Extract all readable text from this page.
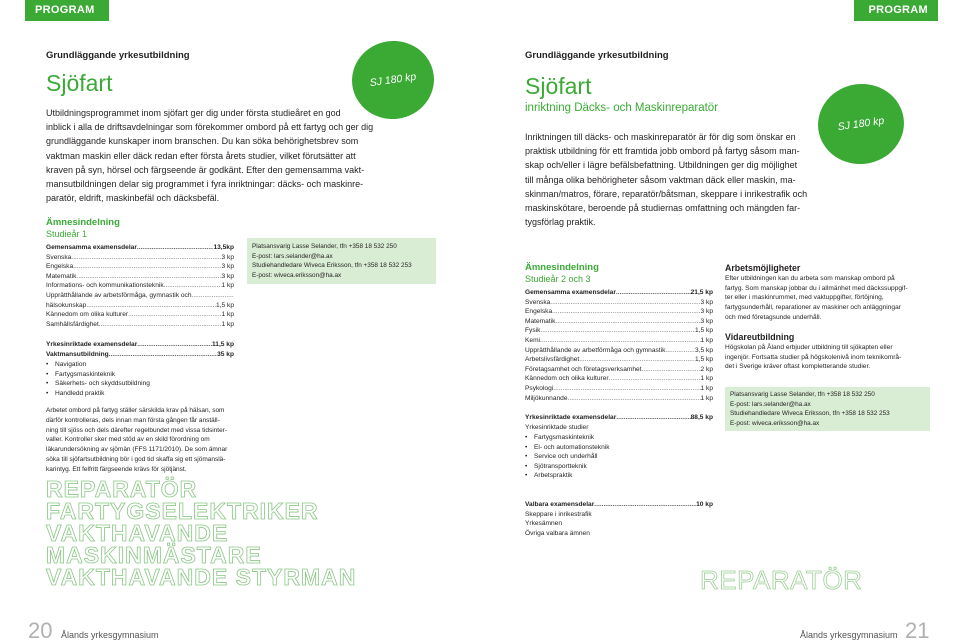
PROGRAM	PROGRAM
Grundläggande yrkesutbildning
Sjöfart	SJ 180 kp
Utbildningsprogrammet inom sjöfart ger dig under första studieåret en god
inblick i alla de driftsavdelningar som förekommer ombord på ett fartyg och ger dig
grundläggande kunskaper inom branschen. Du kan söka behörighetsbrev som
vaktman maskin eller däck redan efter första årets studier, vilket förutsätter att
kraven på syn, hörsel och färgseende är godkänt. Efter den gemensamma vakt-
mansutbildningen delar sig programmet i fyra inriktningar: däcks- och maskinre-
paratör, eldrift, maskinbefäl och däcksbefäl.
Ämnesindelning
Studieår 1
Gemensamma examensdelar .....	13,5kp
Svenska .....	3 kp
Engelska .....	3 kp
Matematik .....	3 kp
Informations- och kommunikationsteknik .....	1 kp
Upprätthållande av arbetsförmåga, gymnastik och
.....
hälsokunskap .....	1,5 kp
Kännedom om olika kulturer .....	1 kp
Samhällsfärdighet .....	1 kp
Yrkesinriktade examensdelar .....	11,5 kp
Vaktmansutbildning .....	35 kp
• Navigation
• Fartygsmaskinteknik
• Säkerhets- och skyddsutbildning
• Handledd praktik
Arbetet ombord på fartyg ställer särskilda krav på hälsan, som
därför kontrolleras, dels innan man första gången får anställ-
ning till sjöss och dels därefter regelbundet med vissa tidsinter-
valler. Kontroller sker med stöd av en skild förordning om
läkarundersökning av sjömän (FFS 1171/2010). De som ämnar
söka till sjöfartsutbildning bör i god tid skaffa sig ett sjömanslä-
karintyg. Ett felfritt färgseende krävs för sjötjänst.
Platsansvarig Lasse Selander, tfn +358 18 532 250
E-post: lars.selander@ha.ax
Studiehandledare Wiveca Eriksson, tfn +358 18 532 253
E-post: wiveca.eriksson@ha.ax
REPARATÖR
FARTYGSELEKTRIKER
VAKTHAVANDE
MASKINMÄSTARE
VAKTHAVANDE STYRMAN
20 Ålands yrkesgymnasium
Grundläggande yrkesutbildning
Sjöfart
inriktning Däcks- och Maskinreparatör
SJ 180 kp
Inriktningen till däcks- och maskinreparatör är för dig som önskar en
praktisk utbildning för ett framtida jobb ombord på fartyg såsom man-
skap och/eller i lägre befälsbefattning. Utbildningen ger dig möjlighet
till många olika behörigheter såsom vaktman däck eller maskin, ma-
skinman/matros, förare, reparatör/båtsman, skeppare i inrikestrafik och
maskinskötare, beroende på studiernas omfattning och mängden far-
tygsförlag praktik.
Ämnesindelning
Studieår 2 och 3
Gemensamma examensdelar .....	21,5 kp
Svenska .....	3 kp
Engelska .....	3 kp
Matematik .....	3 kp
Fysik .....	1,5 kp
Kemi .....	1 kp
Upprätthållande av arbetförmåga och gymnastik .....	3,5 kp
Arbetslivsfärdighet .....	1,5 kp
Företagsamhet och företagsverksamhet .....	2 kp
Kännedom och olika kulturer .....	1 kp
Psykologi .....	1 kp
Miljökunnande .....	1 kp
Yrkesinriktade examensdelar .....	88,5 kp
Yrkesinriktade studier
• Fartygsmaskinteknik
• El- och automationsteknik
• Service och underhåll
• Sjötransportteknik
• Arbetspraktik
Valbara examensdelar .....	10 kp
Skeppare i inrikestrafik
Yrkesämnen
Övriga valbara ämnen
Arbetsmöjligheter
Efter utbildningen kan du arbeta som manskap ombord på
fartyg. Som manskap jobbar du i allmänhet med däckssuppgif-
ter eller i maskinrummet, med vaktuppgifter, förtöjning,
fartygsunderhåll, reparationer av maskiner och anläggningar
och med företagsunde underhåll.
Vidareutbildning
Högskolan på Åland erbjuder utbildning till sjökapten eller
ingenjör. Fortsatta studier på högskolenivå inom teknikområ-
det i Sverige kräver oftast kompletterande studier.
Platsansvarig Lasse Selander, tfn +358 18 532 250
E-post: lars.selander@ha.ax
Studiehandledare Wiveca Eriksson, tfn +358 18 532 253
E-post: wiveca.eriksson@ha.ax
REPARATÖR
Ålands yrkesgymnasium 21
